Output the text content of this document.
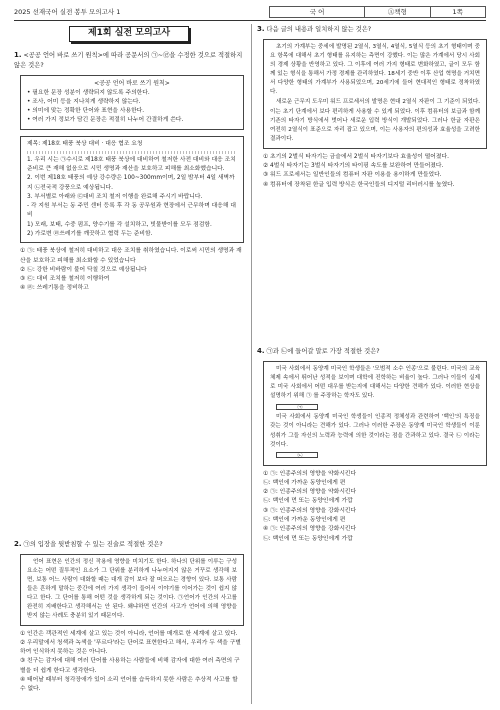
2025 선재국어 실전 봉투 모의고사 1	국 어	Ⓐ책형	1쪽
제1회 실전 모의고사
1. <공공 언어 바로 쓰기 원칙>에 따라 공문서의 ㉠~㉣을 수정한 것으로 적절하지 않은 것은?
<공공 언어 바로 쓰기 원칙>
• 필요한 문장 성분이 생략되지 않도록 주의한다.
• 조사, 어미 등을 지나치게 생략하지 않는다.
• 의미에 맞는 정확한 단어와 표현을 사용한다.
• 여러 가지 정보가 담긴 문장은 적절히 나누어 간결하게 쓴다.
제목: 제18호 태풍 북상 대비 · 대응 협조 요청
1. 우리 시는 ㉠수시로 제18호 태풍 북상에 대비하여 철저한 사전 대비와 대응 조치 준비로 큰 재해 없음으로 시민 생명과 재산을 보호하고 피해를 최소화했습니다.
2. 이번 제18호 태풍의 예상 강수량은 100~300mm이며, 2일 밤부터 4일 새벽까지 ㉡전국적 강풍으로 예상됩니다.
3. 부서별로 아래와 ㉢대비 조치 철저 이행을 완료해 주시기 바랍니다.
- 각 지원 부서는 동 주민 센터 등록 후 각 동 공무원과 현장에서 근무하며 대응해 대비
1) 모래, 보태, 수중 펌프, 양수기를 각 설치하고, 빗물받이를 모두 점검함.
2) 가로변 ㉣쓰레기를 깨끗하고 협력 두는 준비함.
① ㉠: 태풍 북상에 철저히 대비하고 대응 조치를 취하였습니다. 이로써 시민의 생명과 재산을 보호하고 피해를 최소화할 수 있었습니다
② ㉡: 강한 비바람이 불어 닥칠 것으로 예상됩니다
③ ㉢: 대비 조치를 철저히 이행하여
④ ㉣: 쓰레기통을 정비하고
2. ㉠의 입장을 뒷받침할 수 있는 진술로 적절한 것은?
언어 표현은 인간의 정신 작용에 영향을 미치기도 한다. 하나의 단위를 이루는 구성 요소는 어떤 질투적인 요소가 그 단위를 분리하게 나누어지지 않은 거꾸로 생각해 보면, 보통 어느 사람이 대화할 때는 대개 감이 보다 잘 떠오르는 경향이 있다. 보통 사람들은 흔하게 말하는 중간에 여러 가지 생각이 들어서 이야기를 이어가는 것이 쉽지 않다고 한다. 그 단어를 통해 어떤 것을 생각하게 되는 것이다. ㉠언어가 인간의 사고를 완전히 지배한다고 생각해서는 안 된다. 왜냐하면 인간의 사고가 언어에 의해 영향을 받지 않는 사례도 충분히 있기 때문이다.
① 인간은 객관적인 세계에 살고 있는 것이 아니라, 언어를 매개로 한 세계에 살고 있다.
② 우리말에서 청색과 녹색을 '푸르다'라는 단어로 표현한다고 해서, 우리가 두 색을 구별하여 인식하지 못하는 것은 아니다.
③ 친구는 감자에 대해 여러 단어를 사용하는 사람들에 비해 감자에 대한 여러 측면의 구별을 더 쉽게 한다고 생각한다.
④ 태어날 때부터 청각장애가 있어 소리 언어를 습득하지 못한 사람은 추상적 사고를 할 수 없다.
3. 다음 글의 내용과 일치하지 않는 것은?

초기의 가계부는 중세에 발명된 2열식, 3열식, 4열식, 5열식 등의 초기 형태이며 중요 항목에 대해서 초기 형태를 유지하는 측면이 강했다. 이는 많은 가계에서 당시 사회의 경제 상황을 반영하고 있다. 그 이후에 여러 가지 형태로 변화하였고, 글이 모두 함께 있는 형식을 통해서 가정 경제를 관리하였다. 18세기 중반 이후 산업 혁명을 거치면서 다양한 형태의 가계부가 사용되었으며, 20세기에 들어 현대적인 형태로 정착하였다.

새로운 근무지 도우미 워드 프로세서의 발명은 현대 2열식 자판이 그 기준이 되었다. 이는 초기 단계에서 보다 편리하게 사용할 수 있게 되었다. 이후 컴퓨터의 보급과 함께 기존의 타자기 방식에서 벗어나 새로운 입력 방식이 개발되었다. 그러나 한글 자판은 여전히 2열식이 표준으로 자리 잡고 있으며, 이는 사용자의 편의성과 효율성을 고려한 결과이다.

① 초기의 2벌식 타자기는 금슬에서 2벌식 타자기보다 효율성이 떨어졌다.
② 4벌식 타자기는 3벌식 타자기의 타이핑 속도를 보완하여 만들어졌다.
③ 워드 프로세서는 일반인들의 컴퓨터 자판 이용을 용이하게 만들었다.
④ 컴퓨터에 장착된 한글 입력 방식은 한국인들의 디지털 리터러시를 높였다.
4. ㉠과 ㉡에 들어갈 말로 가장 적절한 것은?

미국 사회에서 동양계 미국인 학생들은 '모범적 소수 인종'으로 불린다. 미국의 교육 체제 속에서 뛰어난 성적을 보이며 대학에 진학하는 비율이 높다. 그러나 이들이 실제로 미국 사회에서 어떤 대우를 받는지에 대해서는 다양한 견해가 있다. 이러한 현상을 설명하기 위해 ㉠ 를 주장하는 학자도 있다.

㉠

미국 사회에서 동양계 미국인 학생들이 인종적 정체성과 관련하여 '백인'의 특징을 갖는 것이 아니라는 견해가 있다. 그러나 이러한 주장은 동양계 미국인 학생들이 이룬 성취가 그들 자신의 노력과 능력에 의한 것이라는 점을 간과하고 있다. 결국 ㉡ 이라는 것이다.

㉡

① ㉠: 인종주의의 영향을 약화시킨다
㉡: 백인에 가까운 동양인에게 편
② ㉠: 인종주의의 영향을 약화시킨다
㉡: 백인에 먼 또는 동양인에게 가깝
③ ㉠: 인종주의의 영향을 강화시킨다
㉡: 백인에 가까운 동양인에게 편
④ ㉠: 인종주의의 영향을 강화시킨다
㉡: 백인에 먼 또는 동양인에게 가깝
